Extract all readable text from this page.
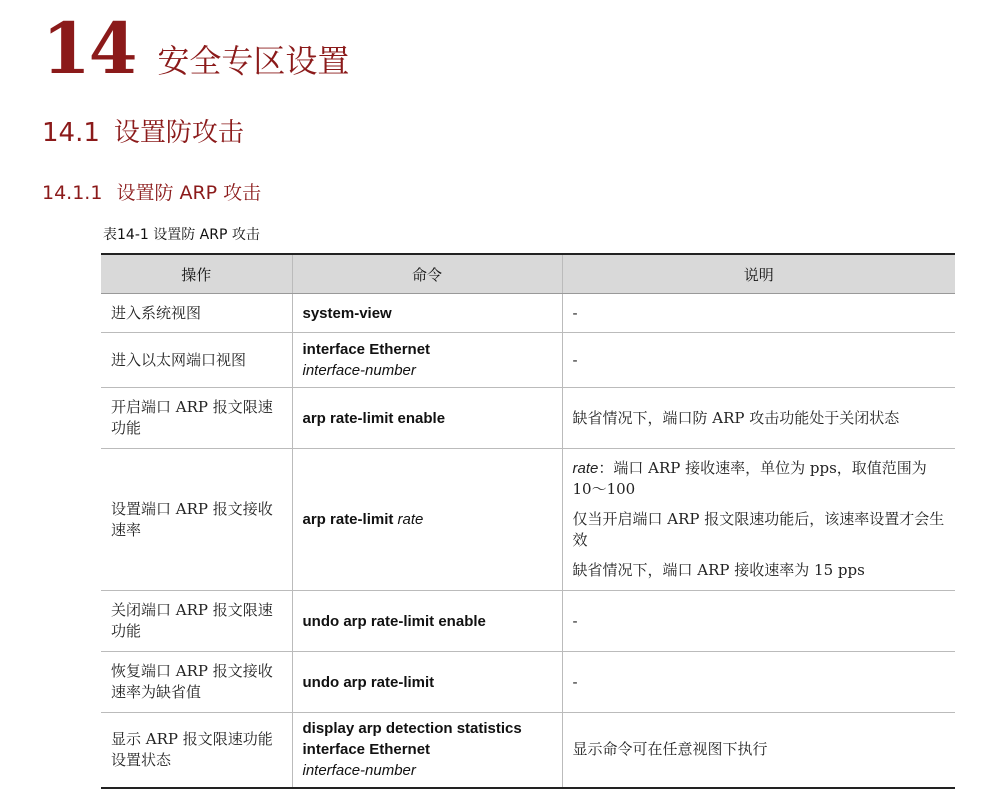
14 安全专区设置
14.1 设置防攻击
14.1.1 设置防 ARP 攻击
表14-1 设置防 ARP 攻击
操作	命令	说明
进入系统视图	system-view	-

进入以太网端口视图	interface Ethernet
interface-number	-

开启端口 ARP 报文限速功能	arp rate-limit enable	缺省情况下，端口防 ARP 攻击功能处于关闭状态

设置端口 ARP 报文接收速率	arp rate-limit rate	rate：端口 ARP 接收速率，单位为 pps，取值范围为 10～100
仅当开启端口 ARP 报文限速功能后，该速率设置才会生效
缺省情况下，端口 ARP 接收速率为 15 pps

关闭端口 ARP 报文限速功能	undo arp rate-limit enable	-

恢复端口 ARP 报文接收速率为缺省值	undo arp rate-limit	-

显示 ARP 报文限速功能设置状态	display arp detection statistics
interface Ethernet
interface-number	显示命令可在任意视图下执行
